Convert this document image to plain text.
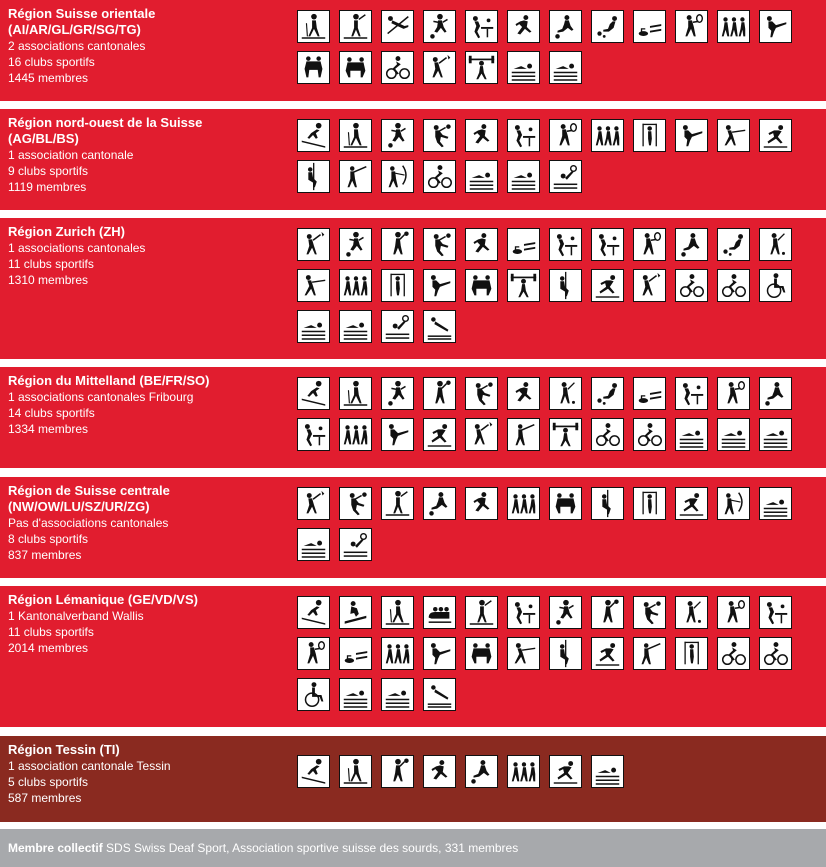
Région Suisse orientale
(AI/AR/GL/GR/SG/TG)
2 associations cantonales
16 clubs sportifs
1445 membres
Région nord-ouest de la Suisse
(AG/BL/BS)
1 association cantonale
9 clubs sportifs
1119 membres
Région Zurich (ZH)
1 associations cantonales
11 clubs sportifs
1310 membres
Région du Mittelland (BE/FR/SO)
1 associations cantonales Fribourg
14 clubs sportifs
1334 membres
Région de Suisse centrale
(NW/OW/LU/SZ/UR/ZG)
Pas d'associations cantonales
8 clubs sportifs
837 membres
Région Lémanique (GE/VD/VS)
1 Kantonalverband Wallis
11 clubs sportifs
2014 membres
Région Tessin (TI)
1 association cantonale Tessin
5 clubs sportifs
587 membres
Membre collectif SDS Swiss Deaf Sport, Association sportive suisse des sourds, 331 membres
